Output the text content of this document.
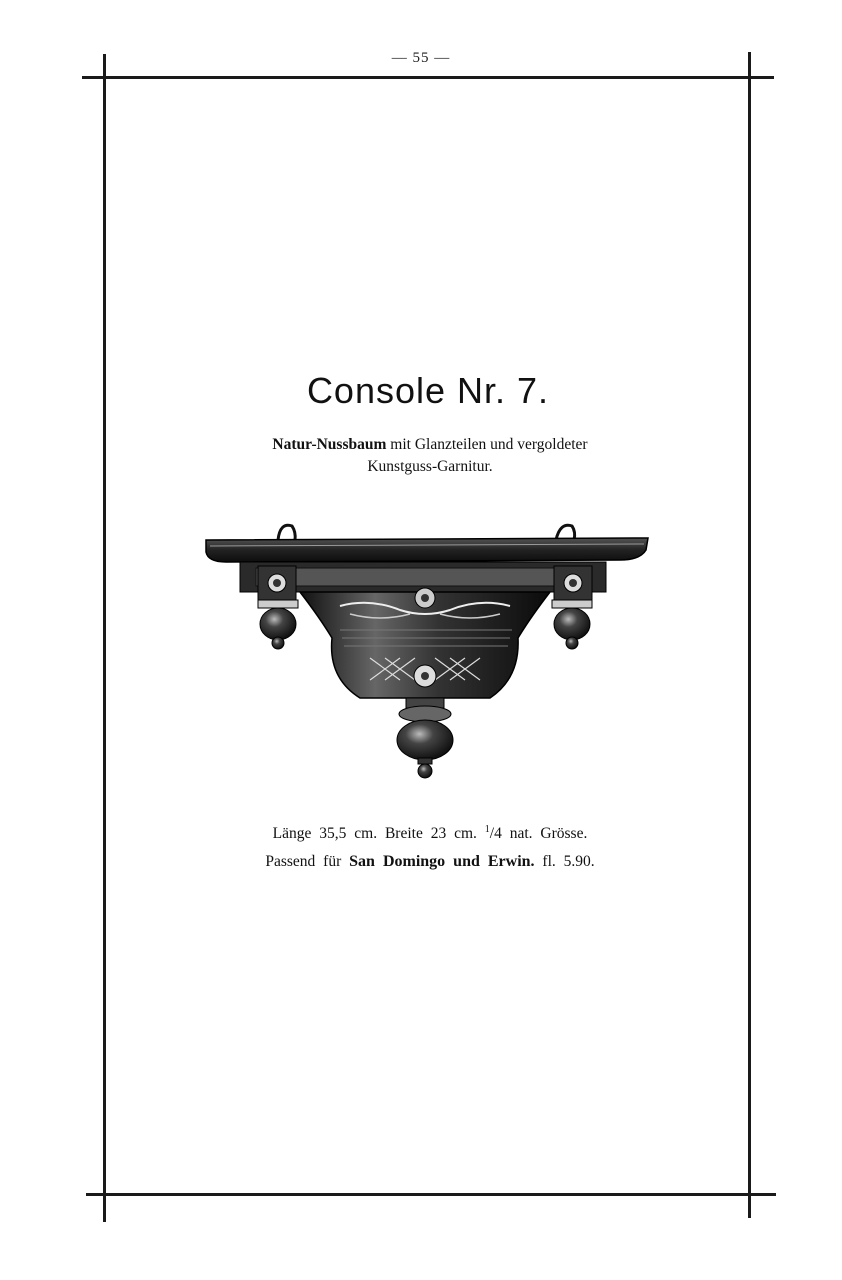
— 55 —
Console Nr. 7.
Natur-Nussbaum mit Glanzteilen und vergoldeter
Kunstguss-Garnitur.
Länge 35,5 cm. Breite 23 cm. $^1$/4 nat. Grösse.
Passend für San Domingo und Erwin. fl. 5.90.
